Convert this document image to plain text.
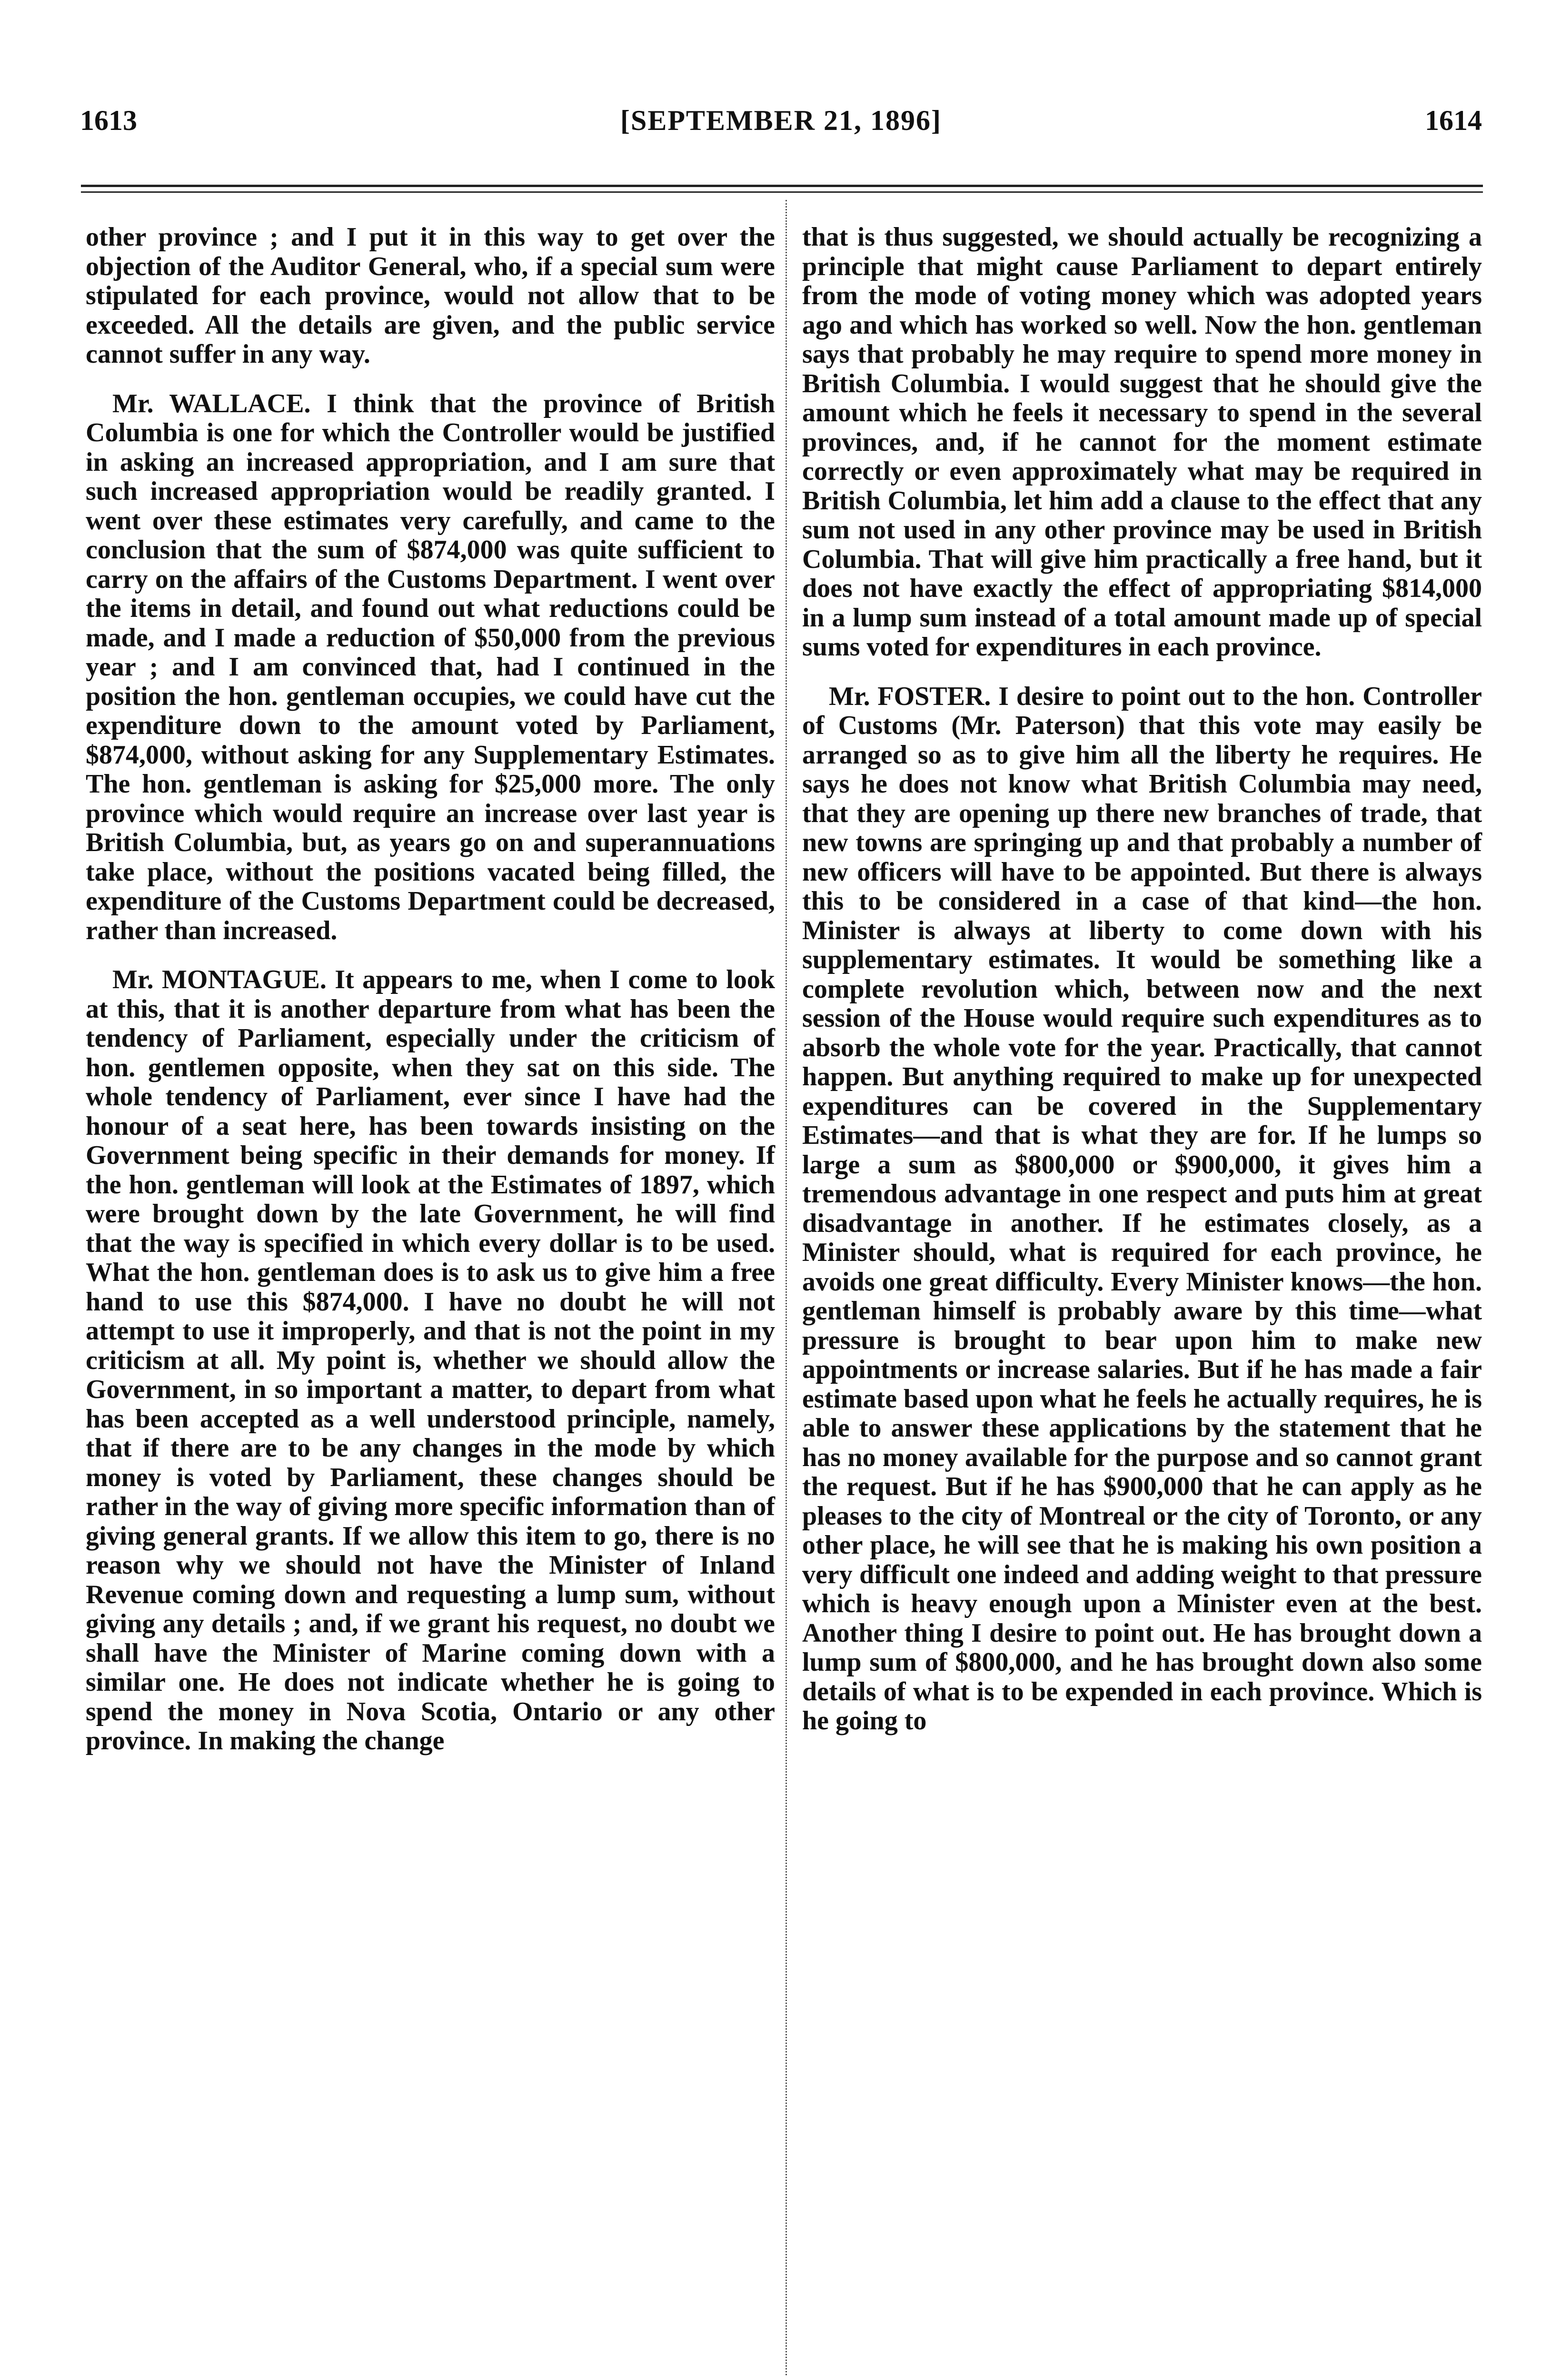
1613	[SEPTEMBER 21, 1896]	1614

other province ; and I put it in this way to get over the objection of the Auditor General, who, if a special sum were stipulated for each province, would not allow that to be exceeded. All the details are given, and the public service cannot suffer in any way.

Mr. WALLACE. I think that the province of British Columbia is one for which the Controller would be justified in asking an increased appropriation, and I am sure that such increased appropriation would be readily granted. I went over these estimates very carefully, and came to the conclusion that the sum of $874,000 was quite sufficient to carry on the affairs of the Customs Department. I went over the items in detail, and found out what reductions could be made, and I made a reduction of $50,000 from the previous year ; and I am convinced that, had I continued in the position the hon. gentleman occupies, we could have cut the expenditure down to the amount voted by Parliament, $874,000, without asking for any Supplementary Estimates. The hon. gentleman is asking for $25,000 more. The only province which would require an increase over last year is British Columbia, but, as years go on and superannuations take place, without the positions vacated being filled, the expenditure of the Customs Department could be decreased, rather than increased.

Mr. MONTAGUE. It appears to me, when I come to look at this, that it is another departure from what has been the tendency of Parliament, especially under the criticism of hon. gentlemen opposite, when they sat on this side. The whole tendency of Parliament, ever since I have had the honour of a seat here, has been towards insisting on the Government being specific in their demands for money. If the hon. gentleman will look at the Estimates of 1897, which were brought down by the late Government, he will find that the way is specified in which every dollar is to be used. What the hon. gentleman does is to ask us to give him a free hand to use this $874,000. I have no doubt he will not attempt to use it improperly, and that is not the point in my criticism at all. My point is, whether we should allow the Government, in so important a matter, to depart from what has been accepted as a well understood principle, namely, that if there are to be any changes in the mode by which money is voted by Parliament, these changes should be rather in the way of giving more specific information than of giving general grants. If we allow this item to go, there is no reason why we should not have the Minister of Inland Revenue coming down and requesting a lump sum, without giving any details ; and, if we grant his request, no doubt we shall have the Minister of Marine coming down with a similar one. He does not indicate whether he is going to spend the money in Nova Scotia, Ontario or any other province. In making the change

that is thus suggested, we should actually be recognizing a principle that might cause Parliament to depart entirely from the mode of voting money which was adopted years ago and which has worked so well. Now the hon. gentleman says that probably he may require to spend more money in British Columbia. I would suggest that he should give the amount which he feels it necessary to spend in the several provinces, and, if he cannot for the moment estimate correctly or even approximately what may be required in British Columbia, let him add a clause to the effect that any sum not used in any other province may be used in British Columbia. That will give him practically a free hand, but it does not have exactly the effect of appropriating $814,000 in a lump sum instead of a total amount made up of special sums voted for expenditures in each province.

Mr. FOSTER. I desire to point out to the hon. Controller of Customs (Mr. Paterson) that this vote may easily be arranged so as to give him all the liberty he requires. He says he does not know what British Columbia may need, that they are opening up there new branches of trade, that new towns are springing up and that probably a number of new officers will have to be appointed. But there is always this to be considered in a case of that kind—the hon. Minister is always at liberty to come down with his supplementary estimates. It would be something like a complete revolution which, between now and the next session of the House would require such expenditures as to absorb the whole vote for the year. Practically, that cannot happen. But anything required to make up for unexpected expenditures can be covered in the Supplementary Estimates—and that is what they are for. If he lumps so large a sum as $800,000 or $900,000, it gives him a tremendous advantage in one respect and puts him at great disadvantage in another. If he estimates closely, as a Minister should, what is required for each province, he avoids one great difficulty. Every Minister knows—the hon. gentleman himself is probably aware by this time—what pressure is brought to bear upon him to make new appointments or increase salaries. But if he has made a fair estimate based upon what he feels he actually requires, he is able to answer these applications by the statement that he has no money available for the purpose and so cannot grant the request. But if he has $900,000 that he can apply as he pleases to the city of Montreal or the city of Toronto, or any other place, he will see that he is making his own position a very difficult one indeed and adding weight to that pressure which is heavy enough upon a Minister even at the best. Another thing I desire to point out. He has brought down a lump sum of $800,000, and he has brought down also some details of what is to be expended in each province. Which is he going to
